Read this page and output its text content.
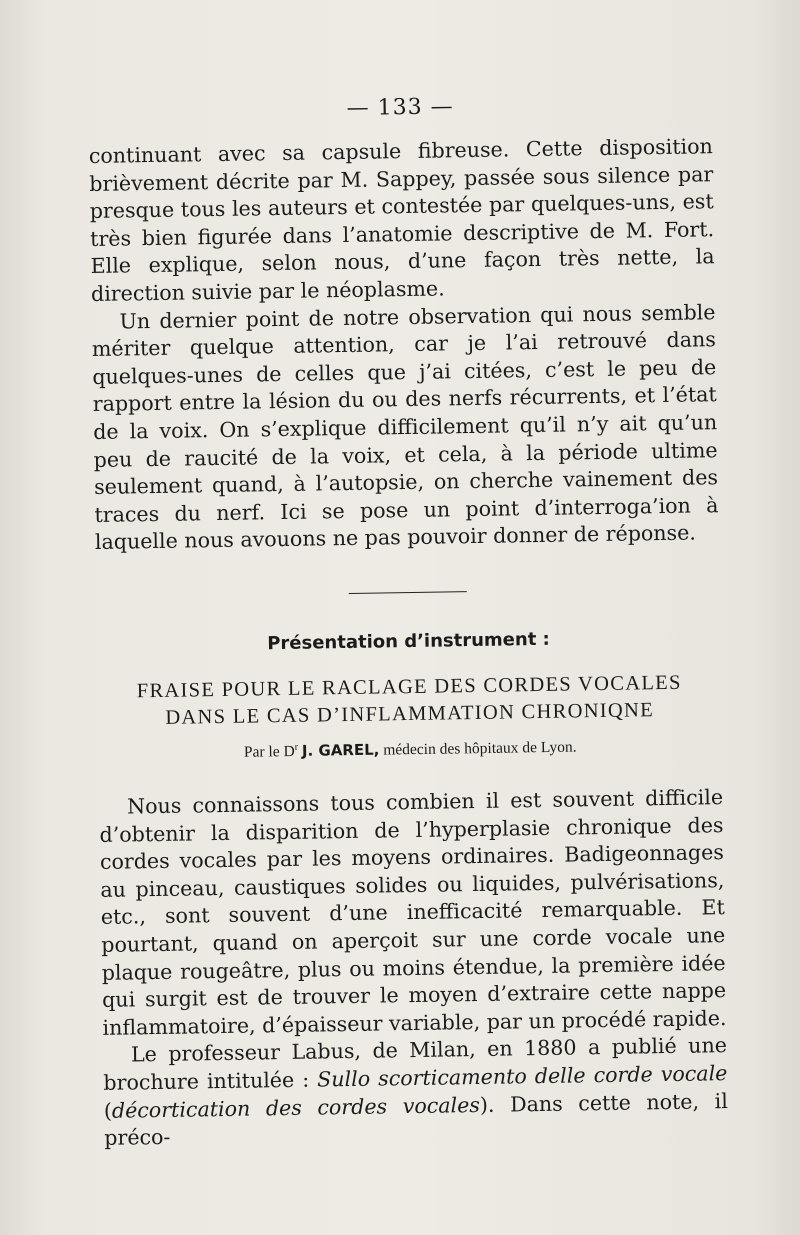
— 133 —

continuant avec sa capsule fibreuse. Cette disposition brièvement décrite par M. Sappey, passée sous silence par presque tous les auteurs et contestée par quelques-uns, est très bien figurée dans l’anatomie descriptive de M. Fort. Elle explique, selon nous, d’une façon très nette, la direction suivie par le néoplasme.

Un dernier point de notre observation qui nous semble mériter quelque attention, car je l’ai retrouvé dans quelques-unes de celles que j’ai citées, c’est le peu de rapport entre la lésion du ou des nerfs récurrents, et l’état de la voix. On s’explique difficilement qu’il n’y ait qu’un peu de raucité de la voix, et cela, à la période ultime seulement quand, à l’autopsie, on cherche vainement des traces du nerf. Ici se pose un point d’interroga’ion à laquelle nous avouons ne pas pouvoir donner de réponse.

Présentation d’instrument :
FRAISE POUR LE RACLAGE DES CORDES VOCALES
DANS LE CAS D’INFLAMMATION CHRONIQNE
Par le $D^r$ J. GAREL, médecin des hôpitaux de Lyon.

Nous connaissons tous combien il est souvent difficile d’obtenir la disparition de l’hyperplasie chronique des cordes vocales par les moyens ordinaires. Badigeonnages au pinceau, caustiques solides ou liquides, pulvérisations, etc., sont souvent d’une inefficacité remarquable. Et pourtant, quand on aperçoit sur une corde vocale une plaque rougeâtre, plus ou moins étendue, la première idée qui surgit est de trouver le moyen d’extraire cette nappe inflammatoire, d’épaisseur variable, par un procédé rapide.

Le professeur Labus, de Milan, en 1880 a publié une brochure intitulée : Sullo scorticamento delle corde vocale (décortication des cordes vocales). Dans cette note, il préco-
